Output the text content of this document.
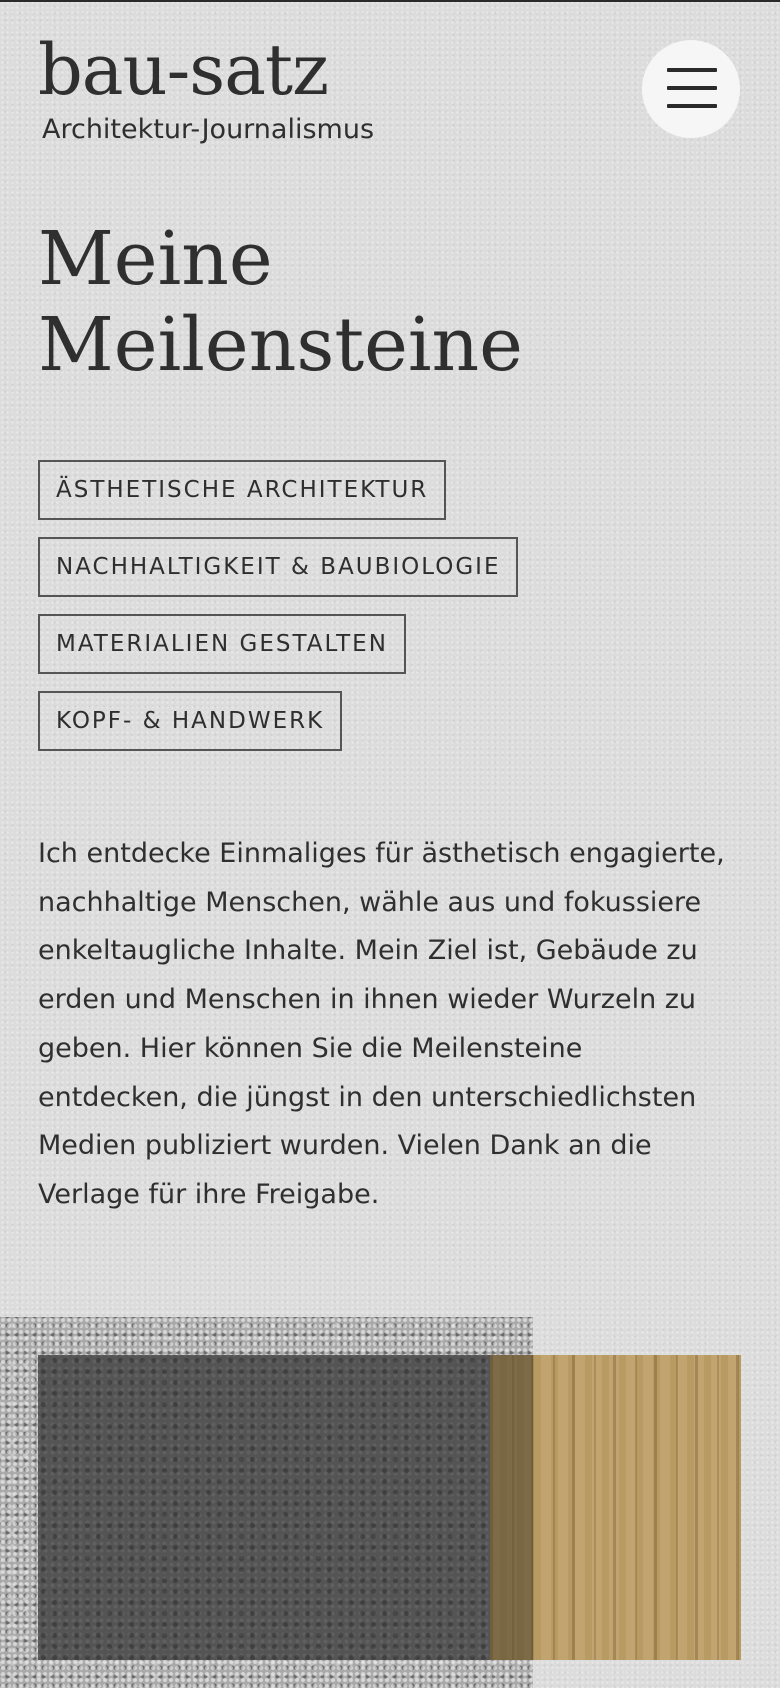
bau-satz
Architektur-Journalismus
Meine
Meilensteine
ÄSTHETISCHE ARCHITEKTUR
NACHHALTIGKEIT & BAUBIOLOGIE
MATERIALIEN GESTALTEN
KOPF- & HANDWERK

Ich entdecke Einmaliges für ästhetisch engagierte, nachhaltige Menschen, wähle aus und fokussiere enkeltaugliche Inhalte. Mein Ziel ist, Gebäude zu erden und Menschen in ihnen wieder Wurzeln zu geben. Hier können Sie die Meilensteine entdecken, die jüngst in den unterschiedlichsten Medien publiziert wurden. Vielen Dank an die Verlage für ihre Freigabe.
